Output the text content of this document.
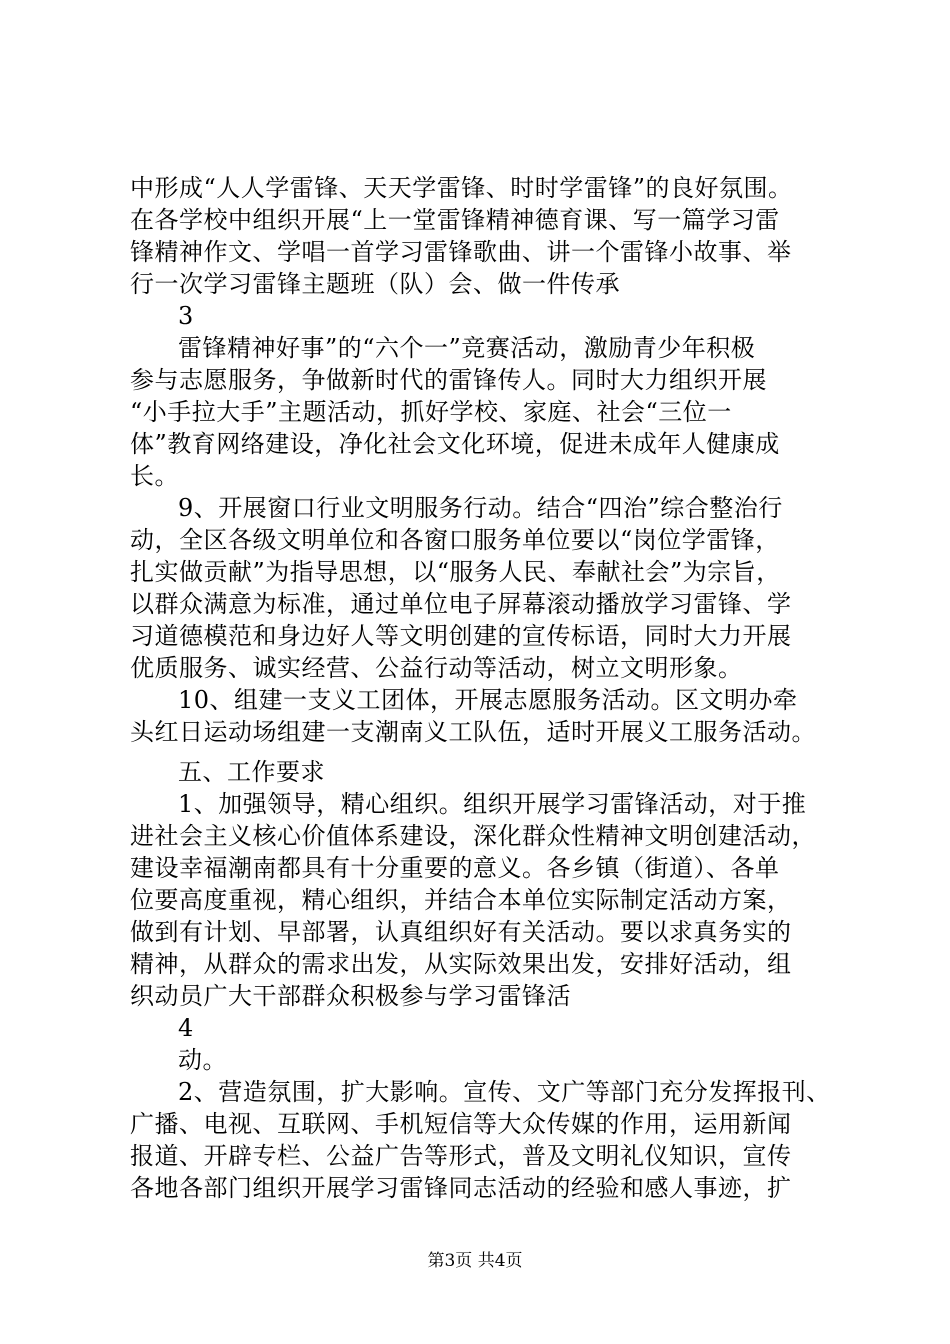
中形成“人人学雷锋、天天学雷锋、时时学雷锋”的良好氛围。
在各学校中组织开展“上一堂雷锋精神德育课、写一篇学习雷
锋精神作文、学唱一首学习雷锋歌曲、讲一个雷锋小故事、举
行一次学习雷锋主题班（队）会、做一件传承
3
雷锋精神好事”的“六个一”竞赛活动，激励青少年积极
参与志愿服务，争做新时代的雷锋传人。同时大力组织开展
“小手拉大手”主题活动，抓好学校、家庭、社会“三位一
体”教育网络建设，净化社会文化环境，促进未成年人健康成
长。
9、开展窗口行业文明服务行动。结合“四治”综合整治行
动，全区各级文明单位和各窗口服务单位要以“岗位学雷锋，
扎实做贡献”为指导思想，以“服务人民、奉献社会”为宗旨，
以群众满意为标准，通过单位电子屏幕滚动播放学习雷锋、学
习道德模范和身边好人等文明创建的宣传标语，同时大力开展
优质服务、诚实经营、公益行动等活动，树立文明形象。
10、组建一支义工团体，开展志愿服务活动。区文明办牵
头红日运动场组建一支潮南义工队伍，适时开展义工服务活动。
五、工作要求
1、加强领导，精心组织。组织开展学习雷锋活动，对于推
进社会主义核心价值体系建设，深化群众性精神文明创建活动，
建设幸福潮南都具有十分重要的意义。各乡镇（街道）、各单
位要高度重视，精心组织，并结合本单位实际制定活动方案，
做到有计划、早部署，认真组织好有关活动。要以求真务实的
精神，从群众的需求出发，从实际效果出发，安排好活动，组
织动员广大干部群众积极参与学习雷锋活
4
动。
2、营造氛围，扩大影响。宣传、文广等部门充分发挥报刊、
广播、电视、互联网、手机短信等大众传媒的作用，运用新闻
报道、开辟专栏、公益广告等形式，普及文明礼仪知识，宣传
各地各部门组织开展学习雷锋同志活动的经验和感人事迹，扩
第3页 共4页
